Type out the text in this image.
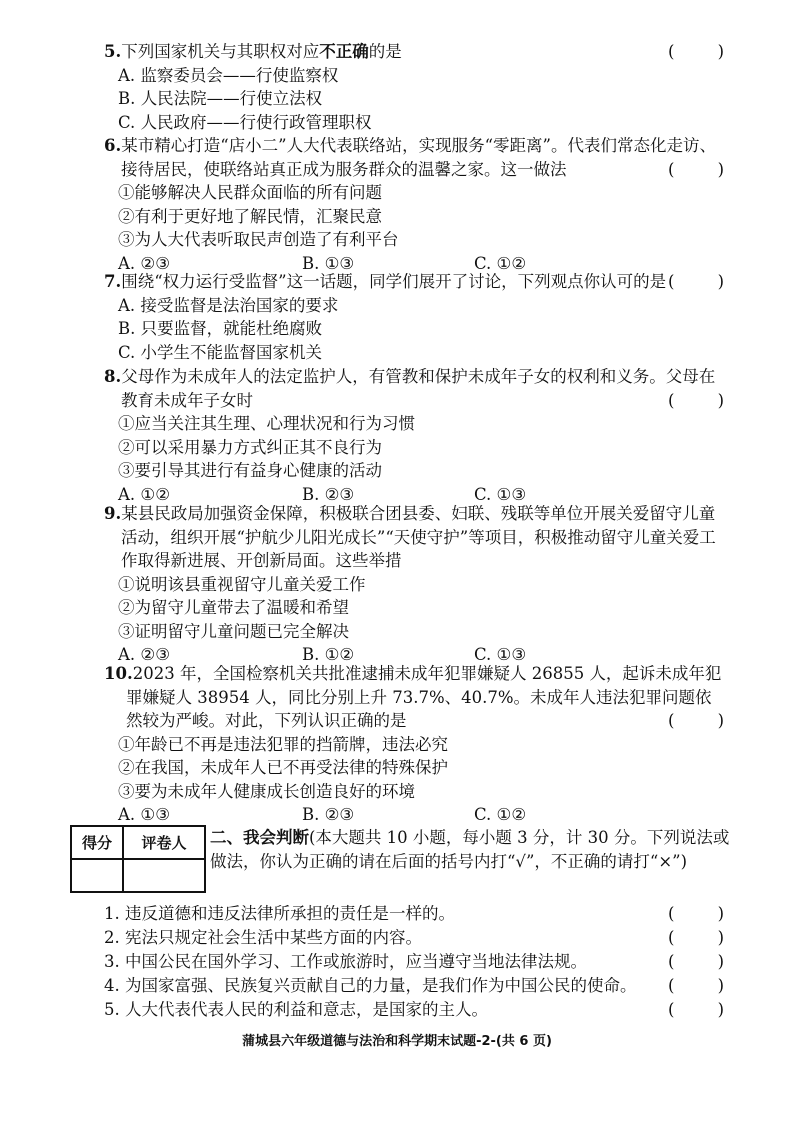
5.下列国家机关与其职权对应不正确的是	(	)
A. 监察委员会——行使监察权
B. 人民法院——行使立法权
C. 人民政府——行使行政管理职权
6.某市精心打造“店小二”人大代表联络站，实现服务“零距离”。代表们常态化走访、接待居民，使联络站真正成为服务群众的温馨之家。这一做法	(	)
①能够解决人民群众面临的所有问题
②有利于更好地了解民情，汇聚民意
③为人大代表听取民声创造了有利平台
A. ②③	B. ①③	C. ①②
7.围绕“权力运行受监督”这一话题，同学们展开了讨论，下列观点你认可的是 (	)
A. 接受监督是法治国家的要求
B. 只要监督，就能杜绝腐败
C. 小学生不能监督国家机关
8.父母作为未成年人的法定监护人，有管教和保护未成年子女的权利和义务。父母在教育未成年子女时	(	)
①应当关注其生理、心理状况和行为习惯
②可以采用暴力方式纠正其不良行为
③要引导其进行有益身心健康的活动
A. ①②	B. ②③	C. ①③
9.某县民政局加强资金保障，积极联合团县委、妇联、残联等单位开展关爱留守儿童活动，组织开展“护航少儿阳光成长”“天使守护”等项目，积极推动留守儿童关爱工作取得新进展、开创新局面。这些举措
①说明该县重视留守儿童关爱工作
②为留守儿童带去了温暖和希望
③证明留守儿童问题已完全解决
A. ②③	B. ①②	C. ①③
10.2023 年，全国检察机关共批准逮捕未成年犯罪嫌疑人 26855 人，起诉未成年犯罪嫌疑人 38954 人，同比分别上升 73.7%、40.7%。未成年人违法犯罪问题依然较为严峻。对此，下列认识正确的是	(	)
①年龄已不再是违法犯罪的挡箭牌，违法必究
②在我国，未成年人已不再受法律的特殊保护
③要为未成年人健康成长创造良好的环境
A. ①③	B. ②③	C. ①②
得分	评卷人
	二、我会判断(本大题共 10 小题，每小题 3 分，计 30 分。下列说法或做法，你认为正确的请在后面的括号内打“√”，不正确的请打“×”)
1. 违反道德和违反法律所承担的责任是一样的。	(	)
2. 宪法只规定社会生活中某些方面的内容。	(	)
3. 中国公民在国外学习、工作或旅游时，应当遵守当地法律法规。	(	)
4. 为国家富强、民族复兴贡献自己的力量，是我们作为中国公民的使命。 (	)
5. 人大代表代表人民的利益和意志，是国家的主人。	(	)
蒲城县六年级道德与法治和科学期末试题-2-(共 6 页)
